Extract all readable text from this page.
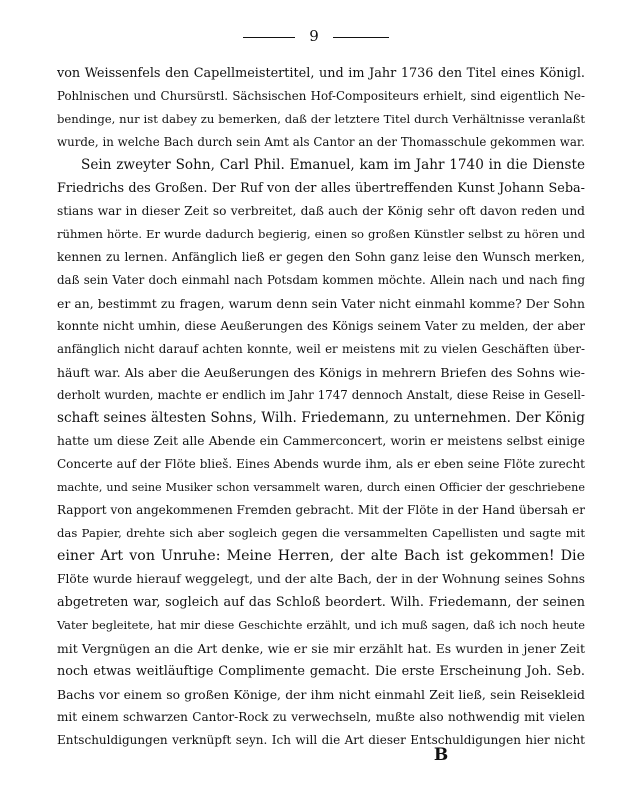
9
von Weissenfels den Capellmeistertitel, und im Jahr 1736 den Titel eines Königl.
Pohlnischen und Chursürstl. Sächsischen Hof-Compositeurs erhielt, sind eigentlich Ne-
bendinge, nur ist dabey zu bemerken, daß der letztere Titel durch Verhältnisse veranlaßt
wurde, in welche Bach durch sein Amt als Cantor an der Thomasschule gekommen war.
Sein zweyter Sohn, Carl Phil. Emanuel, kam im Jahr 1740 in die Dienste
Friedrichs des Großen. Der Ruf von der alles übertreffenden Kunst Johann Seba-
stians war in dieser Zeit so verbreitet, daß auch der König sehr oft davon reden und
rühmen hörte. Er wurde dadurch begierig, einen so großen Künstler selbst zu hören und
kennen zu lernen. Anfänglich ließ er gegen den Sohn ganz leise den Wunsch merken,
daß sein Vater doch einmahl nach Potsdam kommen möchte. Allein nach und nach fing
er an, bestimmt zu fragen, warum denn sein Vater nicht einmahl komme? Der Sohn
konnte nicht umhin, diese Aeußerungen des Königs seinem Vater zu melden, der aber
anfänglich nicht darauf achten konnte, weil er meistens mit zu vielen Geschäften über-
häuft war. Als aber die Aeußerungen des Königs in mehrern Briefen des Sohns wie-
derholt wurden, machte er endlich im Jahr 1747 dennoch Anstalt, diese Reise in Gesell-
schaft seines ältesten Sohns, Wilh. Friedemann, zu unternehmen. Der König
hatte um diese Zeit alle Abende ein Cammerconcert, worin er meistens selbst einige
Concerte auf der Flöte blieš. Eines Abends wurde ihm, als er eben seine Flöte zurecht
machte, und seine Musiker schon versammelt waren, durch einen Officier der geschriebene
Rapport von angekommenen Fremden gebracht. Mit der Flöte in der Hand übersah er
das Papier, drehte sich aber sogleich gegen die versammelten Capellisten und sagte mit
einer Art von Unruhe: Meine Herren, der alte Bach ist gekommen! Die
Flöte wurde hierauf weggelegt, und der alte Bach, der in der Wohnung seines Sohns
abgetreten war, sogleich auf das Schloß beordert. Wilh. Friedemann, der seinen
Vater begleitete, hat mir diese Geschichte erzählt, und ich muß sagen, daß ich noch heute
mit Vergnügen an die Art denke, wie er sie mir erzählt hat. Es wurden in jener Zeit
noch etwas weitläuftige Complimente gemacht. Die erste Erscheinung Joh. Seb.
Bachs vor einem so großen Könige, der ihm nicht einmahl Zeit ließ, sein Reisekleid
mit einem schwarzen Cantor-Rock zu verwechseln, mußte also nothwendig mit vielen
Entschuldigungen verknüpft seyn. Ich will die Art dieser Entschuldigungen hier nicht
B
